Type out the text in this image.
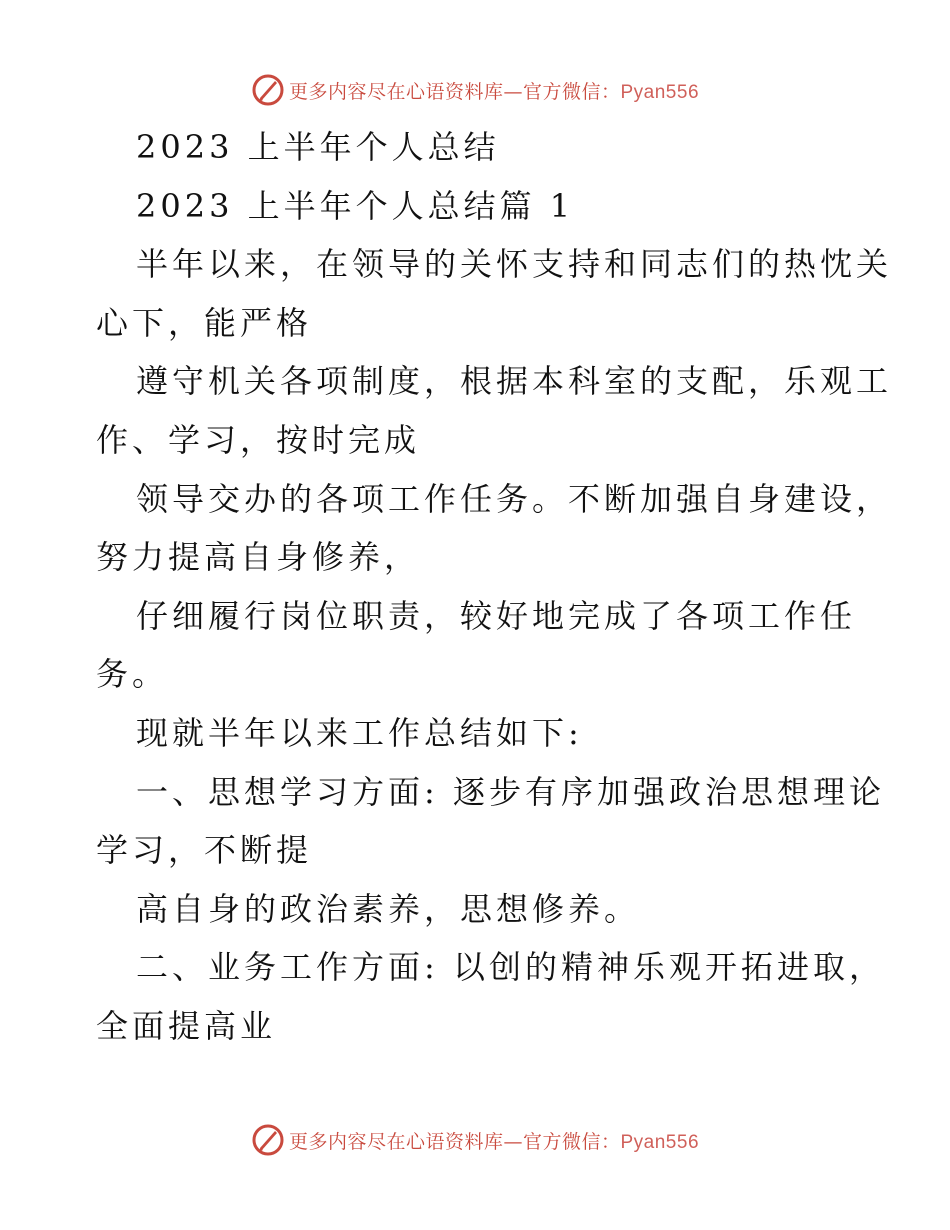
更多内容尽在心语资料库—官方微信：Pyan556
2023 上半年个人总结
2023 上半年个人总结篇 1
半年以来，在领导的关怀支持和同志们的热忱关
心下，能严格
遵守机关各项制度，根据本科室的支配，乐观工
作、学习，按时完成
领导交办的各项工作任务。不断加强自身建设，
努力提高自身修养，
仔细履行岗位职责，较好地完成了各项工作任
务。
现就半年以来工作总结如下:
一、思想学习方面: 逐步有序加强政治思想理论
学习，不断提
高自身的政治素养，思想修养。
二、业务工作方面: 以创的精神乐观开拓进取，
全面提高业
更多内容尽在心语资料库—官方微信：Pyan556
